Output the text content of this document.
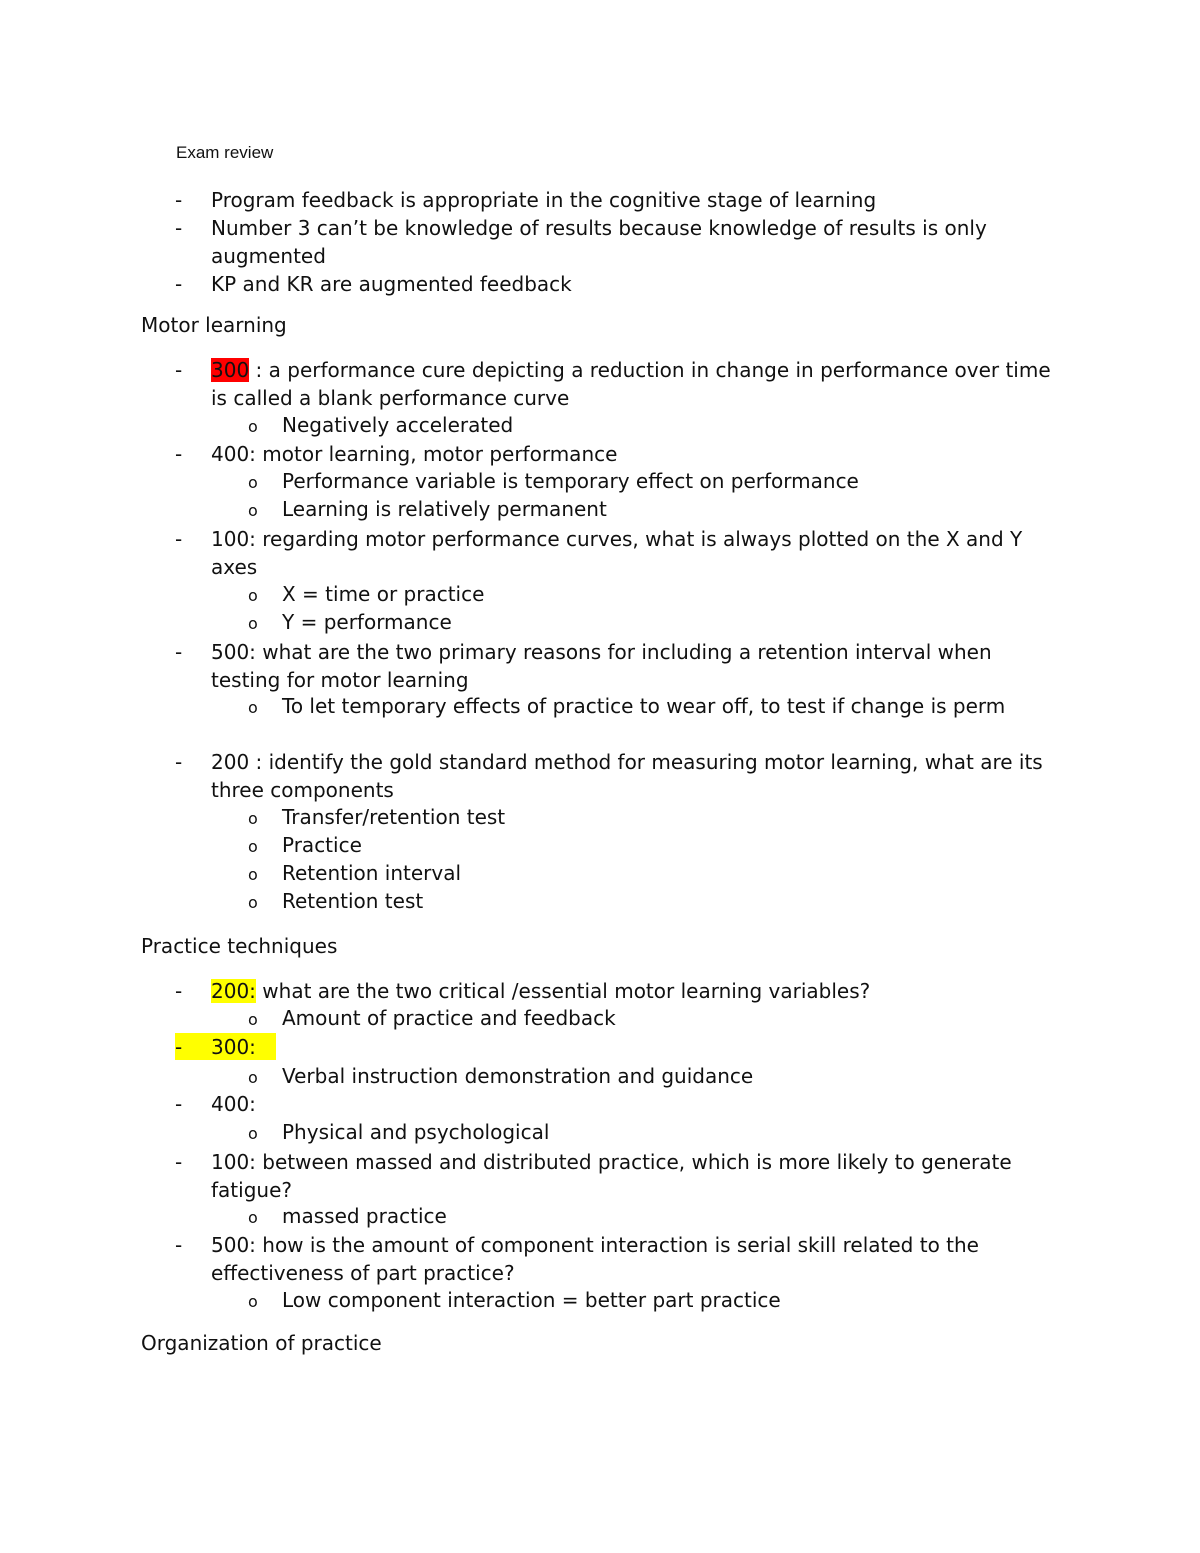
Exam review
-	Program feedback is appropriate in the cognitive stage of learning
-	Number 3 can’t be knowledge of results because knowledge of results is only augmented
-	KP and KR are augmented feedback
Motor learning
-	300 : a performance cure depicting a reduction in change in performance over time is called a blank performance curve
o Negatively accelerated
-	400: motor learning, motor performance
o Performance variable is temporary effect on performance
o Learning is relatively permanent
-	100: regarding motor performance curves, what is always plotted on the X and Y axes
o X = time or practice
o Y = performance
-	500: what are the two primary reasons for including a retention interval when testing for motor learning
o To let temporary effects of practice to wear off, to test if change is perm
-	200 : identify the gold standard method for measuring motor learning, what are its three components
o Transfer/retention test
o Practice
o Retention interval
o Retention test
Practice techniques
-	200: what are the two critical /essential motor learning variables?
o Amount of practice and feedback
-	300:
o Verbal instruction demonstration and guidance
-	400:
o Physical and psychological
-	100: between massed and distributed practice, which is more likely to generate fatigue?
o massed practice
-	500: how is the amount of component interaction is serial skill related to the effectiveness of part practice?
o Low component interaction = better part practice
Organization of practice
